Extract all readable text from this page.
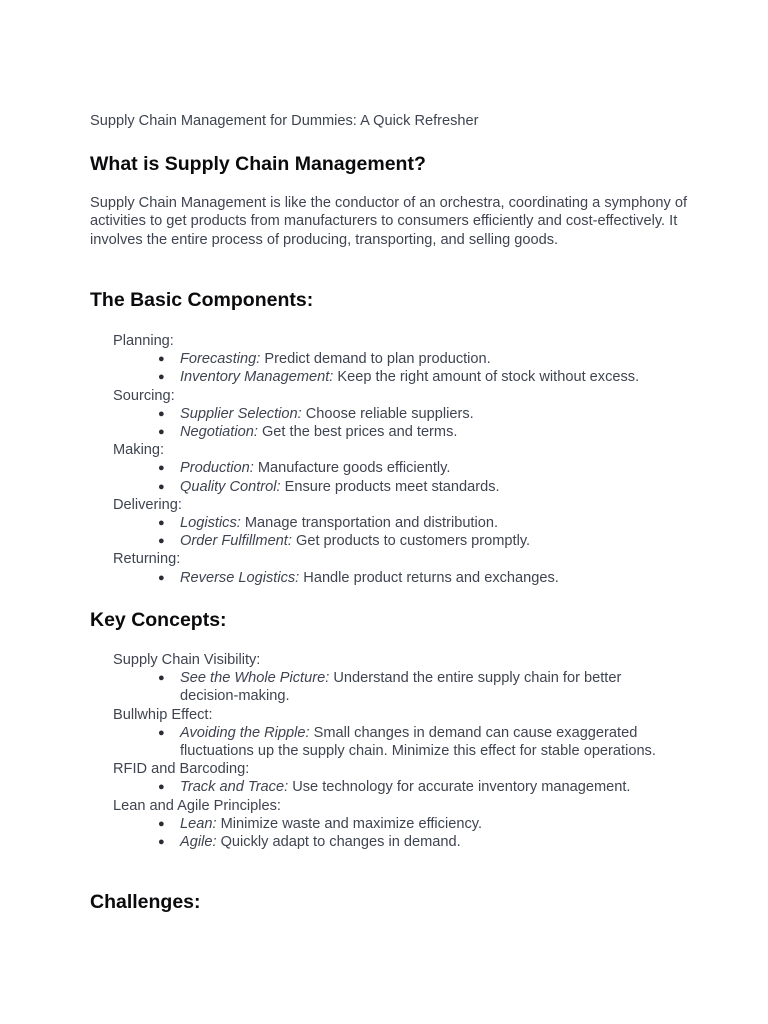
Supply Chain Management for Dummies: A Quick Refresher

What is Supply Chain Management?

Supply Chain Management is like the conductor of an orchestra, coordinating a symphony of activities to get products from manufacturers to consumers efficiently and cost-effectively. It involves the entire process of producing, transporting, and selling goods.

The Basic Components:

Planning:

● Forecasting: Predict demand to plan production.
● Inventory Management: Keep the right amount of stock without excess.

Sourcing:

● Supplier Selection: Choose reliable suppliers.
● Negotiation: Get the best prices and terms.

Making:

● Production: Manufacture goods efficiently.
● Quality Control: Ensure products meet standards.

Delivering:

● Logistics: Manage transportation and distribution.
● Order Fulfillment: Get products to customers promptly.

Returning:

● Reverse Logistics: Handle product returns and exchanges.
Key Concepts:

Supply Chain Visibility:

● See the Whole Picture: Understand the entire supply chain for better decision-making.

Bullwhip Effect:

● Avoiding the Ripple: Small changes in demand can cause exaggerated fluctuations up the supply chain. Minimize this effect for stable operations.

RFID and Barcoding:

● Track and Trace: Use technology for accurate inventory management.

Lean and Agile Principles:

● Lean: Minimize waste and maximize efficiency.
● Agile: Quickly adapt to changes in demand.
Challenges:
